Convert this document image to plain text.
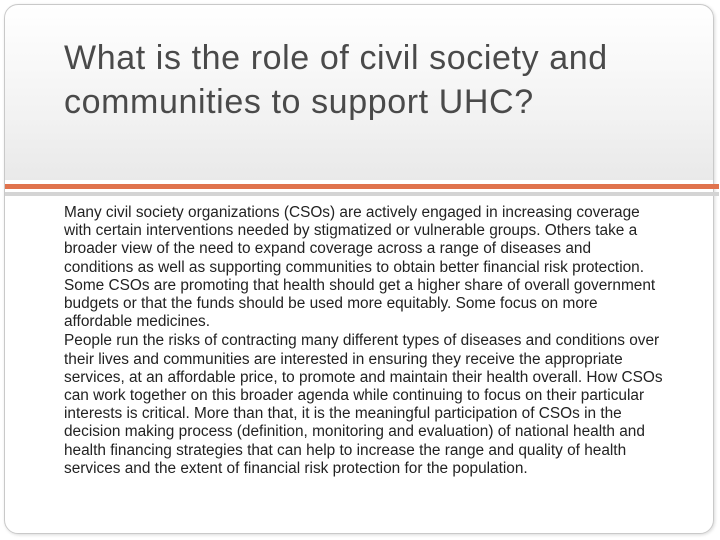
What is the role of civil society and communities to support UHC?

Many civil society organizations (CSOs) are actively engaged in increasing coverage with certain interventions needed by stigmatized or vulnerable groups. Others take a broader view of the need to expand coverage across a range of diseases and conditions as well as supporting communities to obtain better financial risk protection. Some CSOs are promoting that health should get a higher share of overall government budgets or that the funds should be used more equitably. Some focus on more affordable medicines.

People run the risks of contracting many different types of diseases and conditions over their lives and communities are interested in ensuring they receive the appropriate services, at an affordable price, to promote and maintain their health overall. How CSOs can work together on this broader agenda while continuing to focus on their particular interests is critical. More than that, it is the meaningful participation of CSOs in the decision making process (definition, monitoring and evaluation) of national health and health financing strategies that can help to increase the range and quality of health services and the extent of financial risk protection for the population.
